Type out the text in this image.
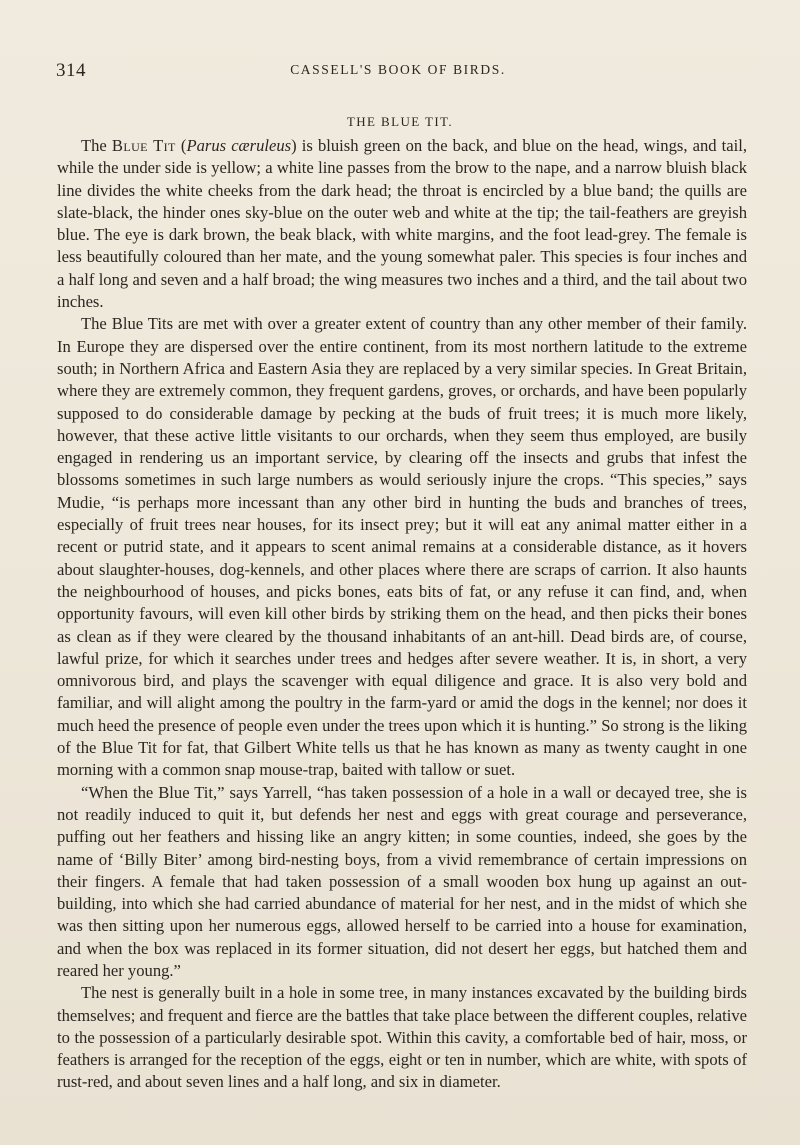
314	CASSELL'S BOOK OF BIRDS.
THE BLUE TIT.

The Blue Tit (Parus cæruleus) is bluish green on the back, and blue on the head, wings, and tail, while the under side is yellow; a white line passes from the brow to the nape, and a narrow bluish black line divides the white cheeks from the dark head; the throat is encircled by a blue band; the quills are slate-black, the hinder ones sky-blue on the outer web and white at the tip; the tail-feathers are greyish blue. The eye is dark brown, the beak black, with white margins, and the foot lead-grey. The female is less beautifully coloured than her mate, and the young somewhat paler. This species is four inches and a half long and seven and a half broad; the wing measures two inches and a third, and the tail about two inches.

The Blue Tits are met with over a greater extent of country than any other member of their family. In Europe they are dispersed over the entire continent, from its most northern latitude to the extreme south; in Northern Africa and Eastern Asia they are replaced by a very similar species. In Great Britain, where they are extremely common, they frequent gardens, groves, or orchards, and have been popularly supposed to do considerable damage by pecking at the buds of fruit trees; it is much more likely, however, that these active little visitants to our orchards, when they seem thus employed, are busily engaged in rendering us an important service, by clearing off the insects and grubs that infest the blossoms sometimes in such large numbers as would seriously injure the crops. “This species,” says Mudie, “is perhaps more incessant than any other bird in hunting the buds and branches of trees, especially of fruit trees near houses, for its insect prey; but it will eat any animal matter either in a recent or putrid state, and it appears to scent animal remains at a considerable distance, as it hovers about slaughter-houses, dog-kennels, and other places where there are scraps of carrion. It also haunts the neighbourhood of houses, and picks bones, eats bits of fat, or any refuse it can find, and, when opportunity favours, will even kill other birds by striking them on the head, and then picks their bones as clean as if they were cleared by the thousand inhabitants of an ant-hill. Dead birds are, of course, lawful prize, for which it searches under trees and hedges after severe weather. It is, in short, a very omnivorous bird, and plays the scavenger with equal diligence and grace. It is also very bold and familiar, and will alight among the poultry in the farm-yard or amid the dogs in the kennel; nor does it much heed the presence of people even under the trees upon which it is hunting.” So strong is the liking of the Blue Tit for fat, that Gilbert White tells us that he has known as many as twenty caught in one morning with a common snap mouse-trap, baited with tallow or suet.

“When the Blue Tit,” says Yarrell, “has taken possession of a hole in a wall or decayed tree, she is not readily induced to quit it, but defends her nest and eggs with great courage and perseverance, puffing out her feathers and hissing like an angry kitten; in some counties, indeed, she goes by the name of ‘Billy Biter’ among bird-nesting boys, from a vivid remembrance of certain impressions on their fingers. A female that had taken possession of a small wooden box hung up against an out-building, into which she had carried abundance of material for her nest, and in the midst of which she was then sitting upon her numerous eggs, allowed herself to be carried into a house for examination, and when the box was replaced in its former situation, did not desert her eggs, but hatched them and reared her young.”

The nest is generally built in a hole in some tree, in many instances excavated by the building birds themselves; and frequent and fierce are the battles that take place between the different couples, relative to the possession of a particularly desirable spot. Within this cavity, a comfortable bed of hair, moss, or feathers is arranged for the reception of the eggs, eight or ten in number, which are white, with spots of rust-red, and about seven lines and a half long, and six in diameter.
